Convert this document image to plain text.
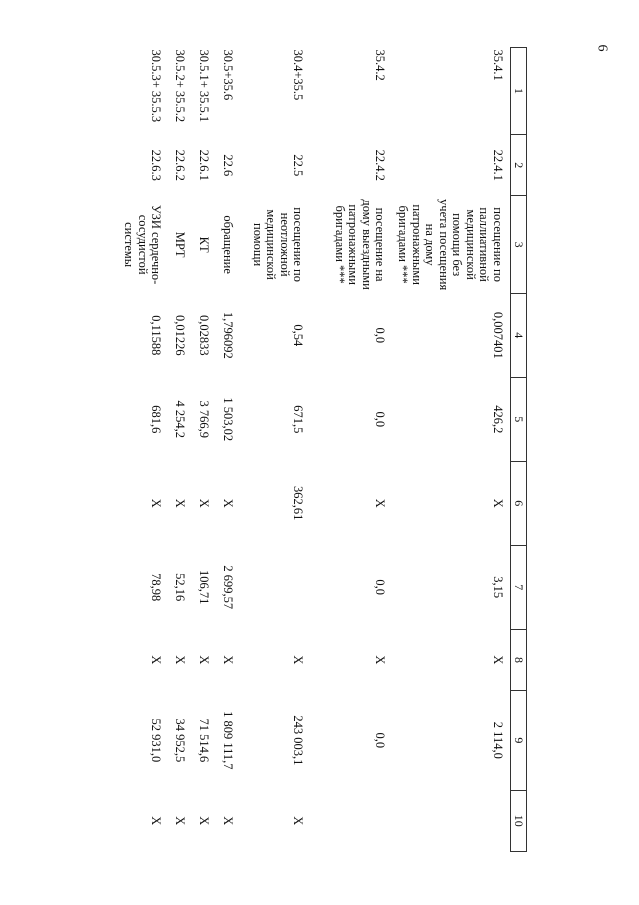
6
1	2	3	4	5	6	7	8	9	10
35.4.1	22.4.1	посещение по паллиативной медицинской помощи без учета посещения на дому патронажными бригадами ***	0,007401	426,2	X	3,15	X	2 114,0	
35.4.2	22.4.2	посещение на дому выездными патронажными бригадами ***	0,0	0,0	X	0,0	X	0,0	
30.4+35.5	22.5	посещение по неотложной медицинской помощи	0,54	671,5	362,61		X	243 003,1	X
30.5+35.6	22.6	обращение	1,796092	1 503,02	X	2 699,57	X	1 809 111,7	X
30.5.1+ 35.5.1	22.6.1	КТ	0,02833	3 766,9	X	106,71	X	71 514,6	X
30.5.2+ 35.5.2	22.6.2	МРТ	0,01226	4 254,2	X	52,16	X	34 952,5	X
30.5.3+ 35.5.3	22.6.3	УЗИ сердечно-сосудистой системы	0,11588	681,6	X	78,98	X	52 931,0	X
